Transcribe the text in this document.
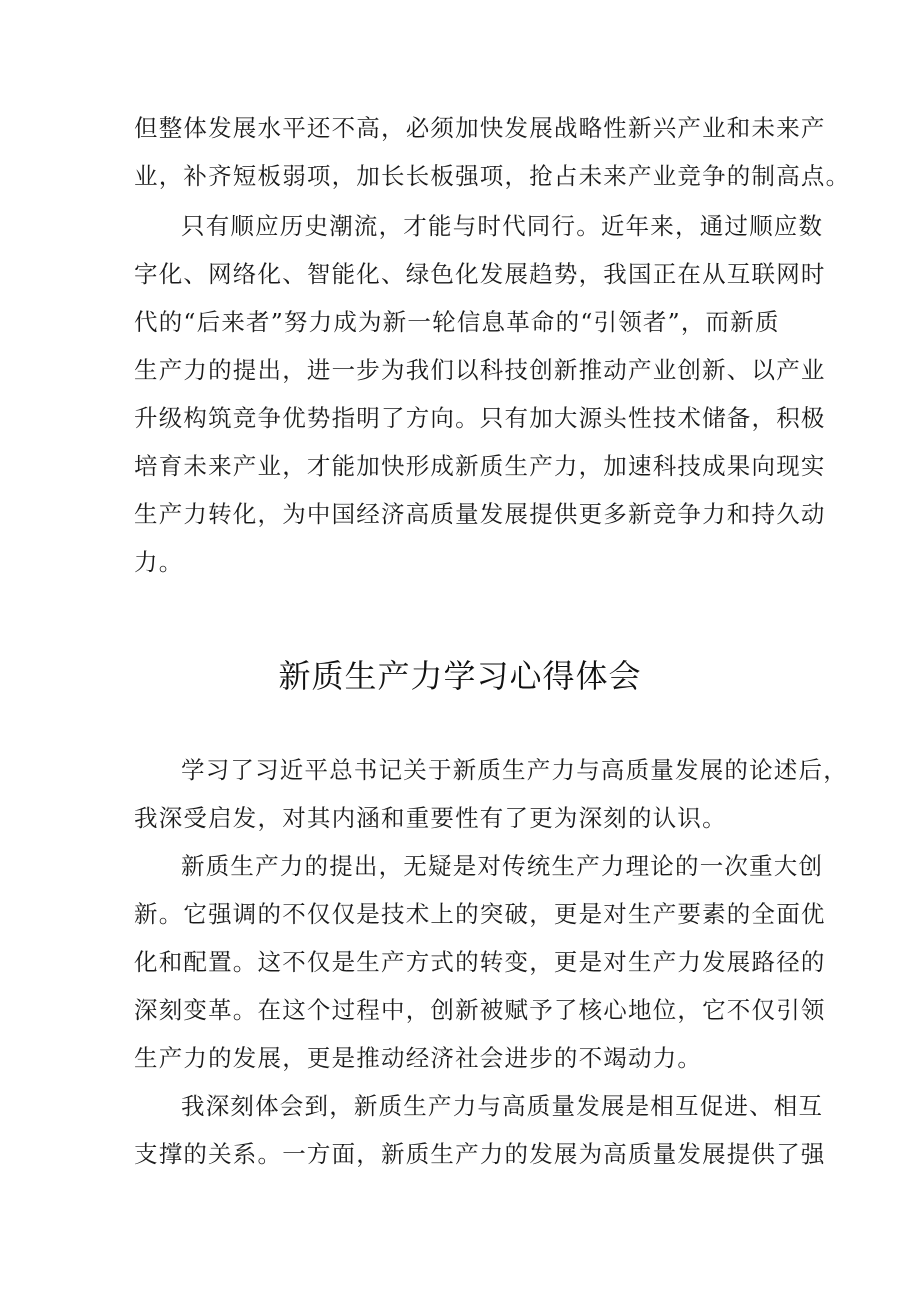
但整体发展水平还不高，必须加快发展战略性新兴产业和未来产
业，补齐短板弱项，加长长板强项，抢占未来产业竞争的制高点。
只有顺应历史潮流，才能与时代同行。近年来，通过顺应数
字化、网络化、智能化、绿色化发展趋势，我国正在从互联网时
代的“后来者”努力成为新一轮信息革命的“引领者”，而新质
生产力的提出，进一步为我们以科技创新推动产业创新、以产业
升级构筑竞争优势指明了方向。只有加大源头性技术储备，积极
培育未来产业，才能加快形成新质生产力，加速科技成果向现实
生产力转化，为中国经济高质量发展提供更多新竞争力和持久动
力。
新质生产力学习心得体会
学习了习近平总书记关于新质生产力与高质量发展的论述后，
我深受启发，对其内涵和重要性有了更为深刻的认识。
新质生产力的提出，无疑是对传统生产力理论的一次重大创
新。它强调的不仅仅是技术上的突破，更是对生产要素的全面优
化和配置。这不仅是生产方式的转变，更是对生产力发展路径的
深刻变革。在这个过程中，创新被赋予了核心地位，它不仅引领
生产力的发展，更是推动经济社会进步的不竭动力。
我深刻体会到，新质生产力与高质量发展是相互促进、相互
支撑的关系。一方面，新质生产力的发展为高质量发展提供了强
